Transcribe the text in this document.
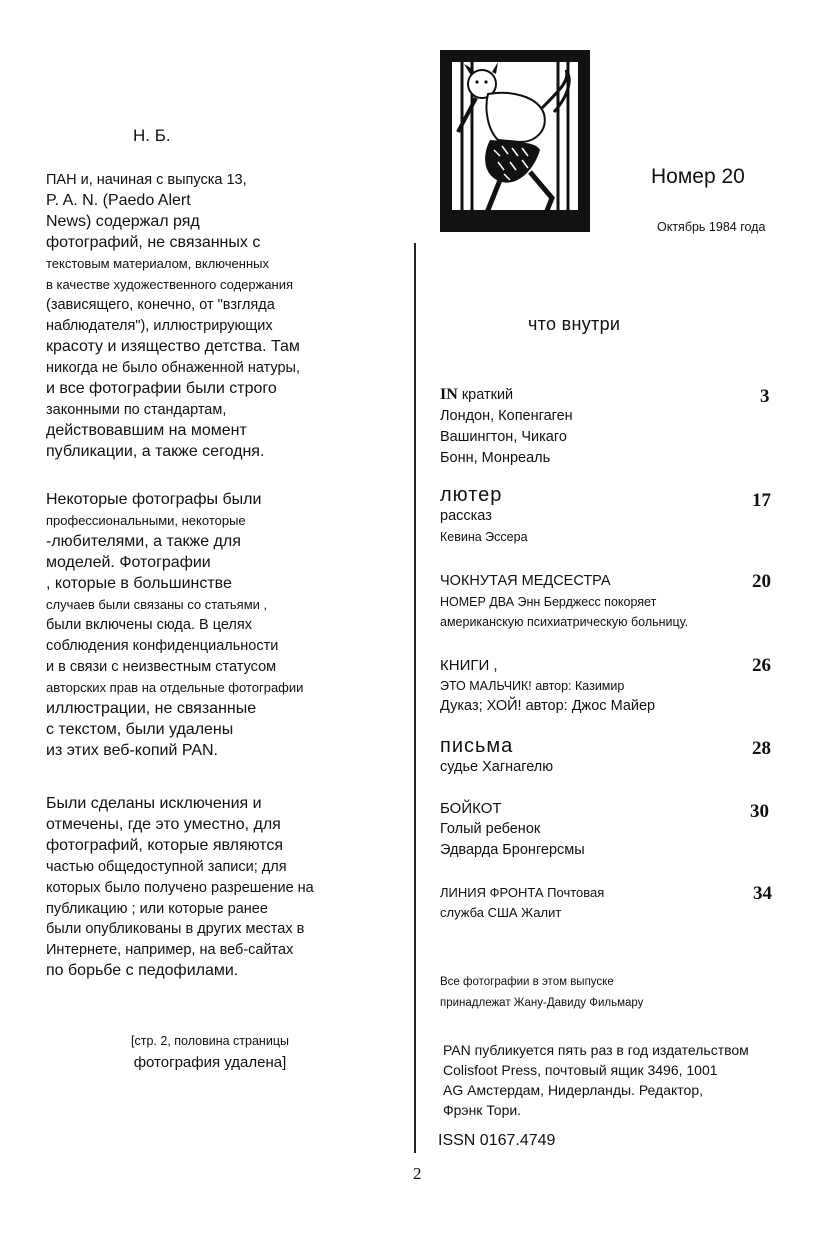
Н. Б.
ПАН и, начиная с выпуска 13,
P. A. N. (Paedo Alert
News) содержал ряд
фотографий, не связанных с
текстовым материалом, включенных
в качестве художественного содержания
(зависящего, конечно, от "взгляда
наблюдателя"), иллюстрирующих
красоту и изящество детства. Там
никогда не было обнаженной натуры,
и все фотографии были строго
законными по стандартам,
действовавшим на момент
публикации, а также сегодня.
Некоторые фотографы были
профессиональными, некоторые
-любителями, а также для
моделей. Фотографии
, которые в большинстве
случаев были связаны со статьями ,
были включены сюда. В целях
соблюдения конфиденциальности
и в связи с неизвестным статусом
авторских прав на отдельные фотографии
иллюстрации, не связанные
с текстом, были удалены
из этих веб-копий PAN.
Были сделаны исключения и
отмечены, где это уместно, для
фотографий, которые являются
частью общедоступной записи; для
которых было получено разрешение на
публикацию ; или которые ранее
были опубликованы в других местах в
Интернете, например, на веб-сайтах
по борьбе с педофилами.
[стр. 2, половина страницы
фотография удалена]
Номер 20
Октябрь 1984 года
что внутри
IN краткий
Лондон, Копенгаген
Вашингтон, Чикаго
Бонн, Монреаль
3
лютер
рассказ
Кевина Эссера
17
ЧОКНУТАЯ МЕДСЕСТРА
НОМЕР ДВА Энн Берджесс покоряет
американскую психиатрическую больницу.
20
КНИГИ ,
ЭТО МАЛЬЧИК! автор: Казимир
Дуказ; ХОЙ! автор: Джос Майер
26
письма
судье Хагнагелю
28
БОЙКОТ
Голый ребенок
Эдварда Бронгерсмы
30
ЛИНИЯ ФРОНТА Почтовая
служба США Жалит
34
Все фотографии в этом выпуске
принадлежат Жану-Давиду Фильмару
PAN публикуется пять раз в год издательством
Colisfoot Press, почтовый ящик 3496, 1001
AG Амстердам, Нидерланды. Редактор,
Фрэнк Тори.
ISSN 0167.4749
2
